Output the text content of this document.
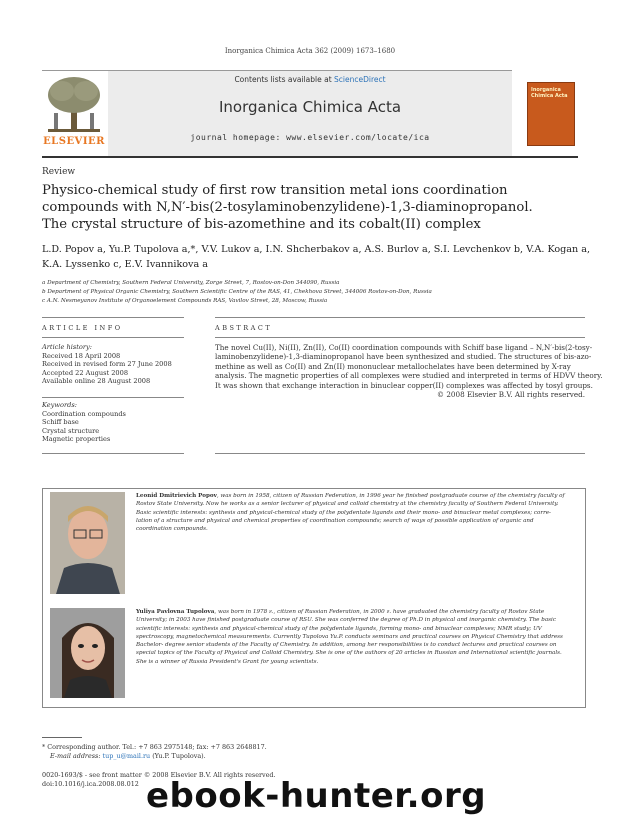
Inorganica Chimica Acta 362 (2009) 1673–1680
ELSEVIER
Contents lists available at ScienceDirect
Inorganica Chimica Acta
journal homepage: www.elsevier.com/locate/ica
Inorganica Chimica Acta
Review

Physico-chemical study of first row transition metal ions coordination

compounds with N,N′-bis(2-tosylaminobenzylidene)-1,3-diaminopropanol.

The crystal structure of bis-azomethine and its cobalt(II) complex

L.D. Popov a, Yu.P. Tupolova a,*, V.V. Lukov a, I.N. Shcherbakov a, A.S. Burlov a, S.I. Levchenkov b, V.A. Kogan a,

K.A. Lyssenko c, E.V. Ivannikova a

a Department of Chemistry, Southern Federal University, Zorge Street, 7, Rostov-on-Don 344090, Russia

b Department of Physical Organic Chemistry, Southern Scientific Centre of the RAS, 41, Chekhova Street, 344006 Rostov-on-Don, Russia

c A.N. Nesmeyanov Institute of Organoelement Compounds RAS, Vavilov Street, 28, Moscow, Russia

ARTICLE INFO

Article history:

Received 18 April 2008

Received in revised form 27 June 2008

Accepted 22 August 2008

Available online 28 August 2008

Keywords:

Coordination compounds

Schiff base

Crystal structure

Magnetic properties

ABSTRACT

The novel Cu(II), Ni(II), Zn(II), Co(II) coordination compounds with Schiff base ligand – N,N′-bis(2-tosy-

laminobenzylidene)-1,3-diaminopropanol have been synthesized and studied. The structures of bis-azo-

methine as well as Co(II) and Zn(II) mononuclear metallochelates have been determined by X-ray

analysis. The magnetic properties of all complexes were studied and interpreted in terms of HDVV theory.

It was shown that exchange interaction in binuclear copper(II) complexes was affected by tosyl groups.

© 2008 Elsevier B.V. All rights reserved.

Leonid Dmitrievich Popov, was born in 1958, citizen of Russian Federation, in 1996 year he finished postgraduate course of the chemistry faculty of

Rostov State University. Now he works as a senior lecturer of physical and colloid chemistry at the chemistry faculty of Southern Federal University.

Basic scientific interests: synthesis and physical-chemical study of the polydentate ligands and their mono- and binuclear metal complexes; corre-

lation of a structure and physical and chemical properties of coordination compounds; search of ways of possible application of organic and

coordination compounds.

Yuliya Pavlovna Tupolova, was born in 1978 г., citizen of Russian Federation, in 2000 г. have graduated the chemistry faculty of Rostov State

University; in 2003 have finished postgraduate course of RSU. She was conferred the degree of Ph.D in physical and inorganic chemistry. The basic

scientific interests: synthesis and physical-chemical study of the polydentate ligands, forming mono- and binuclear complexes; NMR study; UV

spectroscopy, magnetochemical measurements. Currently Tupolova Yu.P. conducts seminars and practical courses on Physical Chemistry that address

Bachelor- degree senior students of the Faculty of Chemistry. In addition, among her responsibilities is to conduct lectures and practical courses on

special topics of the Faculty of Physical and Colloid Chemistry. She is one of the authors of 20 articles in Russian and International scientific journals.

She is a winner of Russia President's Grant for young scientists.

* Corresponding author. Tel.: +7 863 2975148; fax: +7 863 2648817.

E-mail address: tup_u@mail.ru (Yu.P. Tupolova).

0020-1693/$ - see front matter © 2008 Elsevier B.V. All rights reserved.

doi:10.1016/j.ica.2008.08.012 ebook-hunter.org
